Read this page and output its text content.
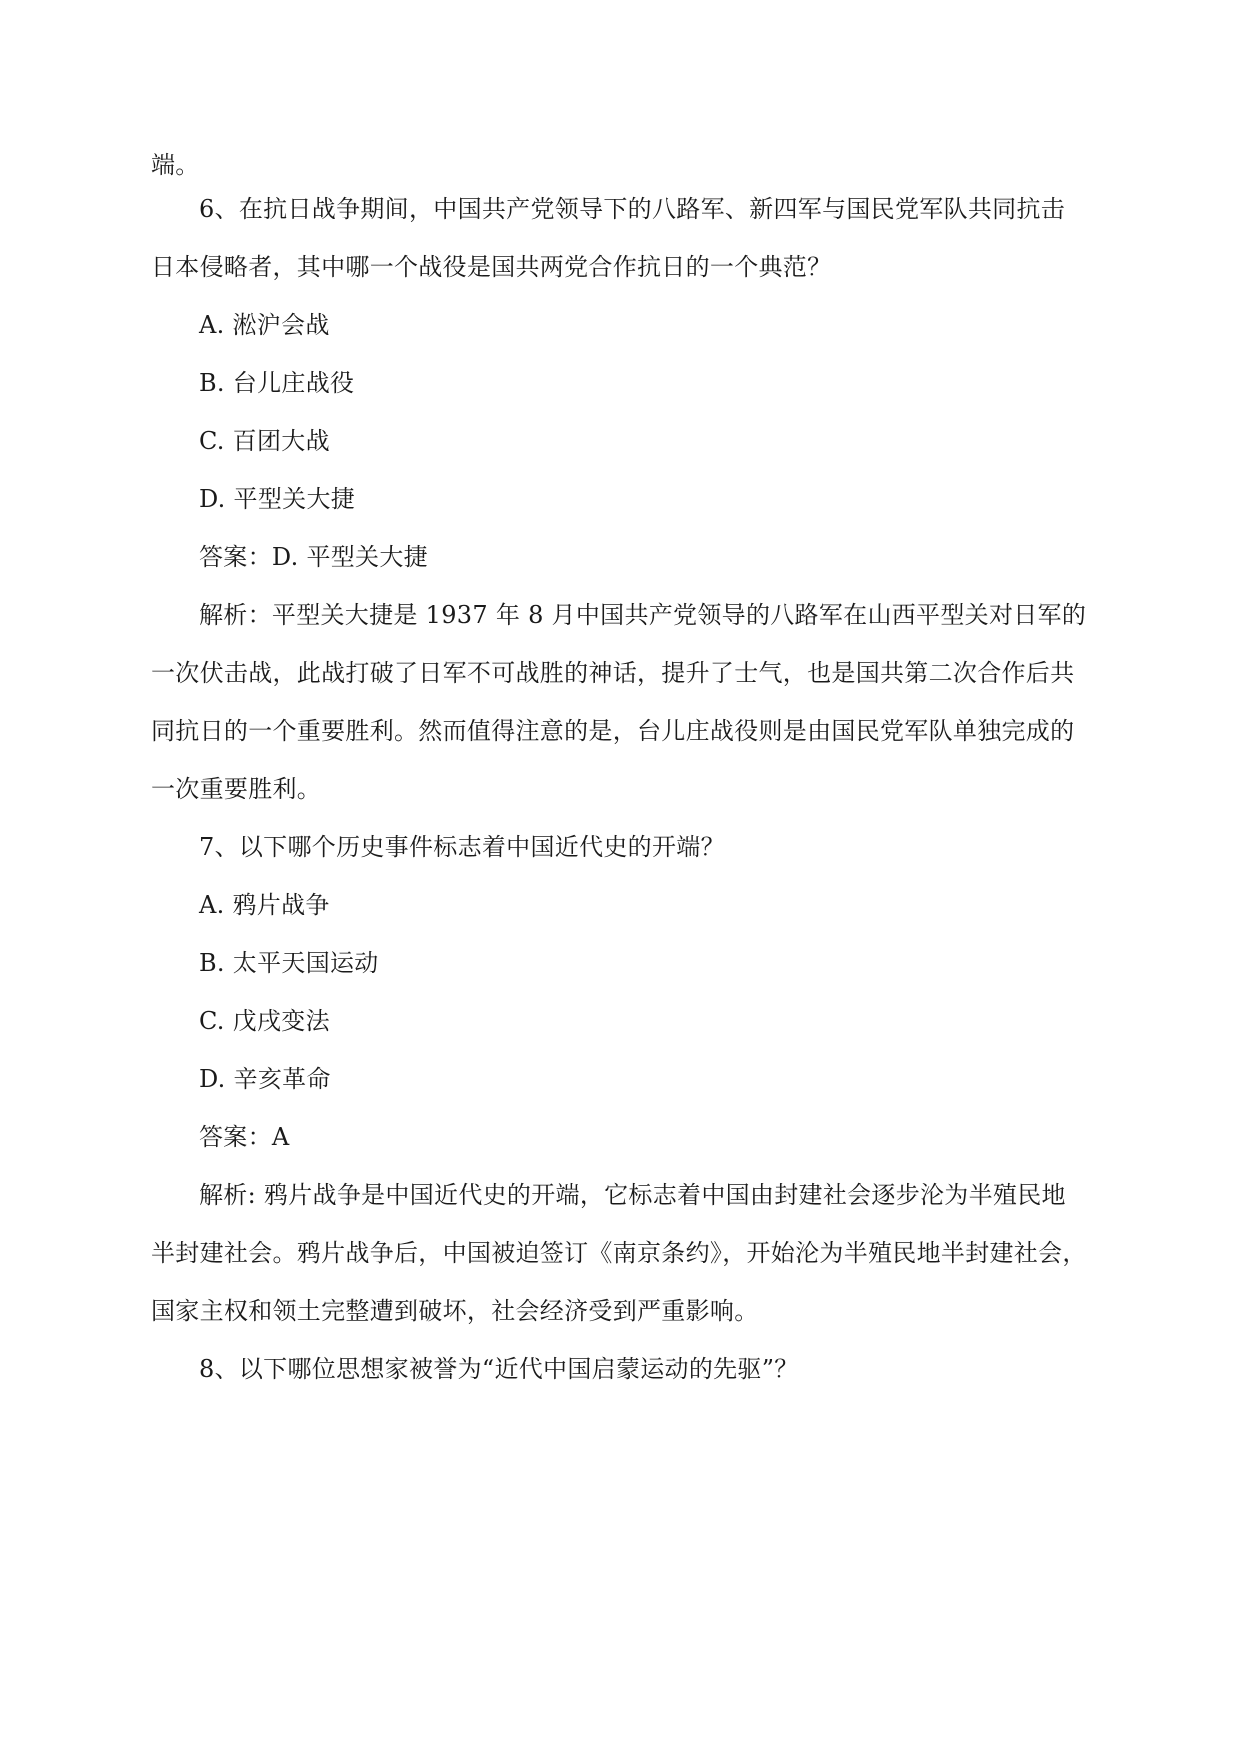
端。
6、在抗日战争期间，中国共产党领导下的八路军、新四军与国民党军队共同抗击
日本侵略者，其中哪一个战役是国共两党合作抗日的一个典范？
A. 淞沪会战
B. 台儿庄战役
C. 百团大战
D. 平型关大捷
答案：D. 平型关大捷
解析：平型关大捷是 1937 年 8 月中国共产党领导的八路军在山西平型关对日军的
一次伏击战，此战打破了日军不可战胜的神话，提升了士气，也是国共第二次合作后共
同抗日的一个重要胜利。然而值得注意的是，台儿庄战役则是由国民党军队单独完成的
一次重要胜利。
7、以下哪个历史事件标志着中国近代史的开端？
A. 鸦片战争
B. 太平天国运动
C. 戊戌变法
D. 辛亥革命
答案：A
解析: 鸦片战争是中国近代史的开端，它标志着中国由封建社会逐步沦为半殖民地
半封建社会。鸦片战争后，中国被迫签订《南京条约》，开始沦为半殖民地半封建社会，
国家主权和领土完整遭到破坏，社会经济受到严重影响。
8、以下哪位思想家被誉为“近代中国启蒙运动的先驱”？
